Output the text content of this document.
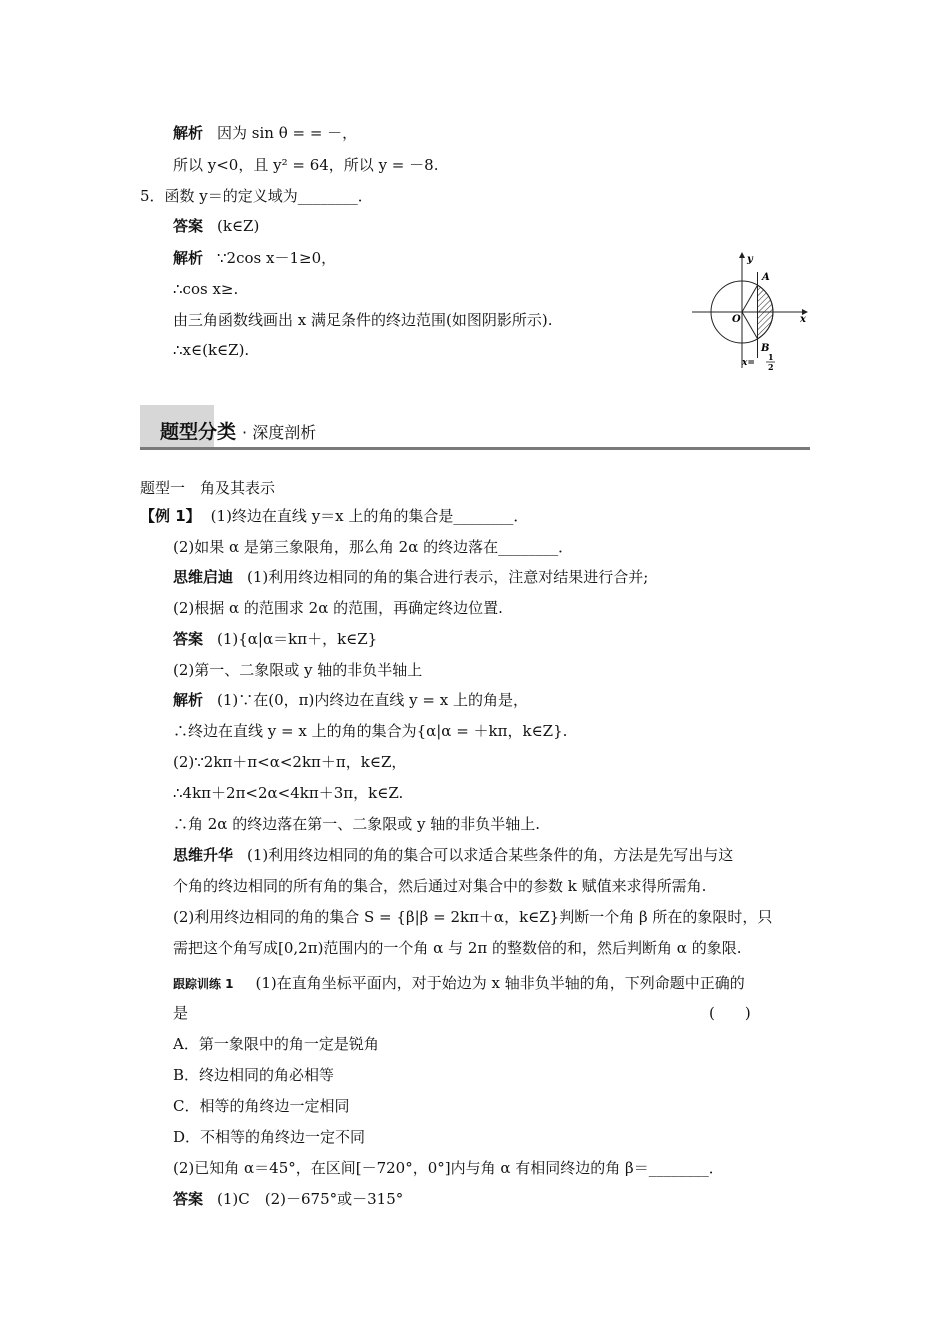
解析 因为 sin θ = = －，
所以 y<0，且 y² = 64，所以 y = －8.
5．函数 y＝的定义域为________．
答案 (k∈Z)
解析 ∵2cos x－1≥0，
∴cos x≥.
由三角函数线画出 x 满足条件的终边范围(如图阴影所示).
∴x∈(k∈Z).
y
x
O
A
B
x=
1
2
题型分类 · 深度剖析
题型一　角及其表示
【例 1】 (1)终边在直线 y＝x 上的角的集合是________．
(2)如果 α 是第三象限角，那么角 2α 的终边落在________．
思维启迪 (1)利用终边相同的角的集合进行表示，注意对结果进行合并;
(2)根据 α 的范围求 2α 的范围，再确定终边位置.
答案 (1){α|α＝kπ＋，k∈Z}
(2)第一、二象限或 y 轴的非负半轴上
解析 (1)∵在(0，π)内终边在直线 y = x 上的角是，
∴终边在直线 y = x 上的角的集合为{α|α = ＋kπ，k∈Z}.
(2)∵2kπ＋π<α<2kπ＋π，k∈Z，
∴4kπ＋2π<2α<4kπ＋3π，k∈Z.
∴角 2α 的终边落在第一、二象限或 y 轴的非负半轴上.
思维升华 (1)利用终边相同的角的集合可以求适合某些条件的角，方法是先写出与这
个角的终边相同的所有角的集合，然后通过对集合中的参数 k 赋值来求得所需角.
(2)利用终边相同的角的集合 S = {β|β = 2kπ＋α，k∈Z}判断一个角 β 所在的象限时，只
需把这个角写成[0,2π)范围内的一个角 α 与 2π 的整数倍的和，然后判断角 α 的象限.
跟踪训练 1 (1)在直角坐标平面内，对于始边为 x 轴非负半轴的角，下列命题中正确的
是	(　　)
A．第一象限中的角一定是锐角
B．终边相同的角必相等
C．相等的角终边一定相同
D．不相等的角终边一定不同
(2)已知角 α＝45°，在区间[－720°，0°]内与角 α 有相同终边的角 β＝________．
答案 (1)C　(2)－675°或－315°
